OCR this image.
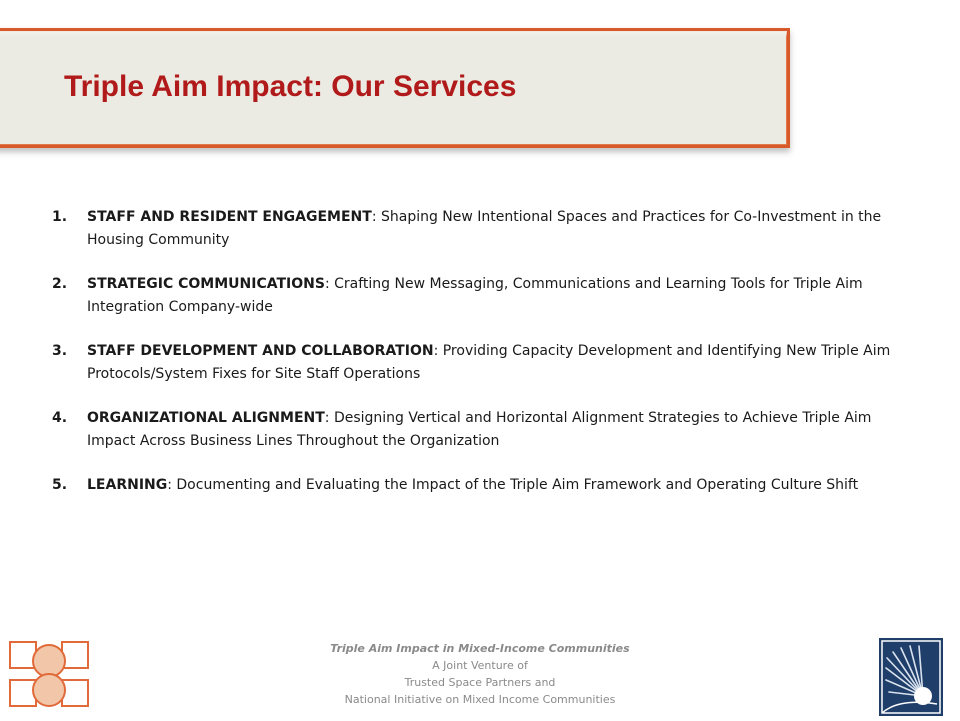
Triple Aim Impact: Our Services
1. STAFF AND RESIDENT ENGAGEMENT: Shaping New Intentional Spaces and Practices for Co-Investment in the Housing Community
2. STRATEGIC COMMUNICATIONS: Crafting New Messaging, Communications and Learning Tools for Triple Aim Integration Company-wide
3. STAFF DEVELOPMENT AND COLLABORATION: Providing Capacity Development and Identifying New Triple Aim Protocols/System Fixes for Site Staff Operations
4. ORGANIZATIONAL ALIGNMENT: Designing Vertical and Horizontal Alignment Strategies to Achieve Triple Aim Impact Across Business Lines Throughout the Organization
5. LEARNING: Documenting and Evaluating the Impact of the Triple Aim Framework and Operating Culture Shift
Triple Aim Impact in Mixed-Income Communities
A Joint Venture of
Trusted Space Partners and
National Initiative on Mixed Income Communities
